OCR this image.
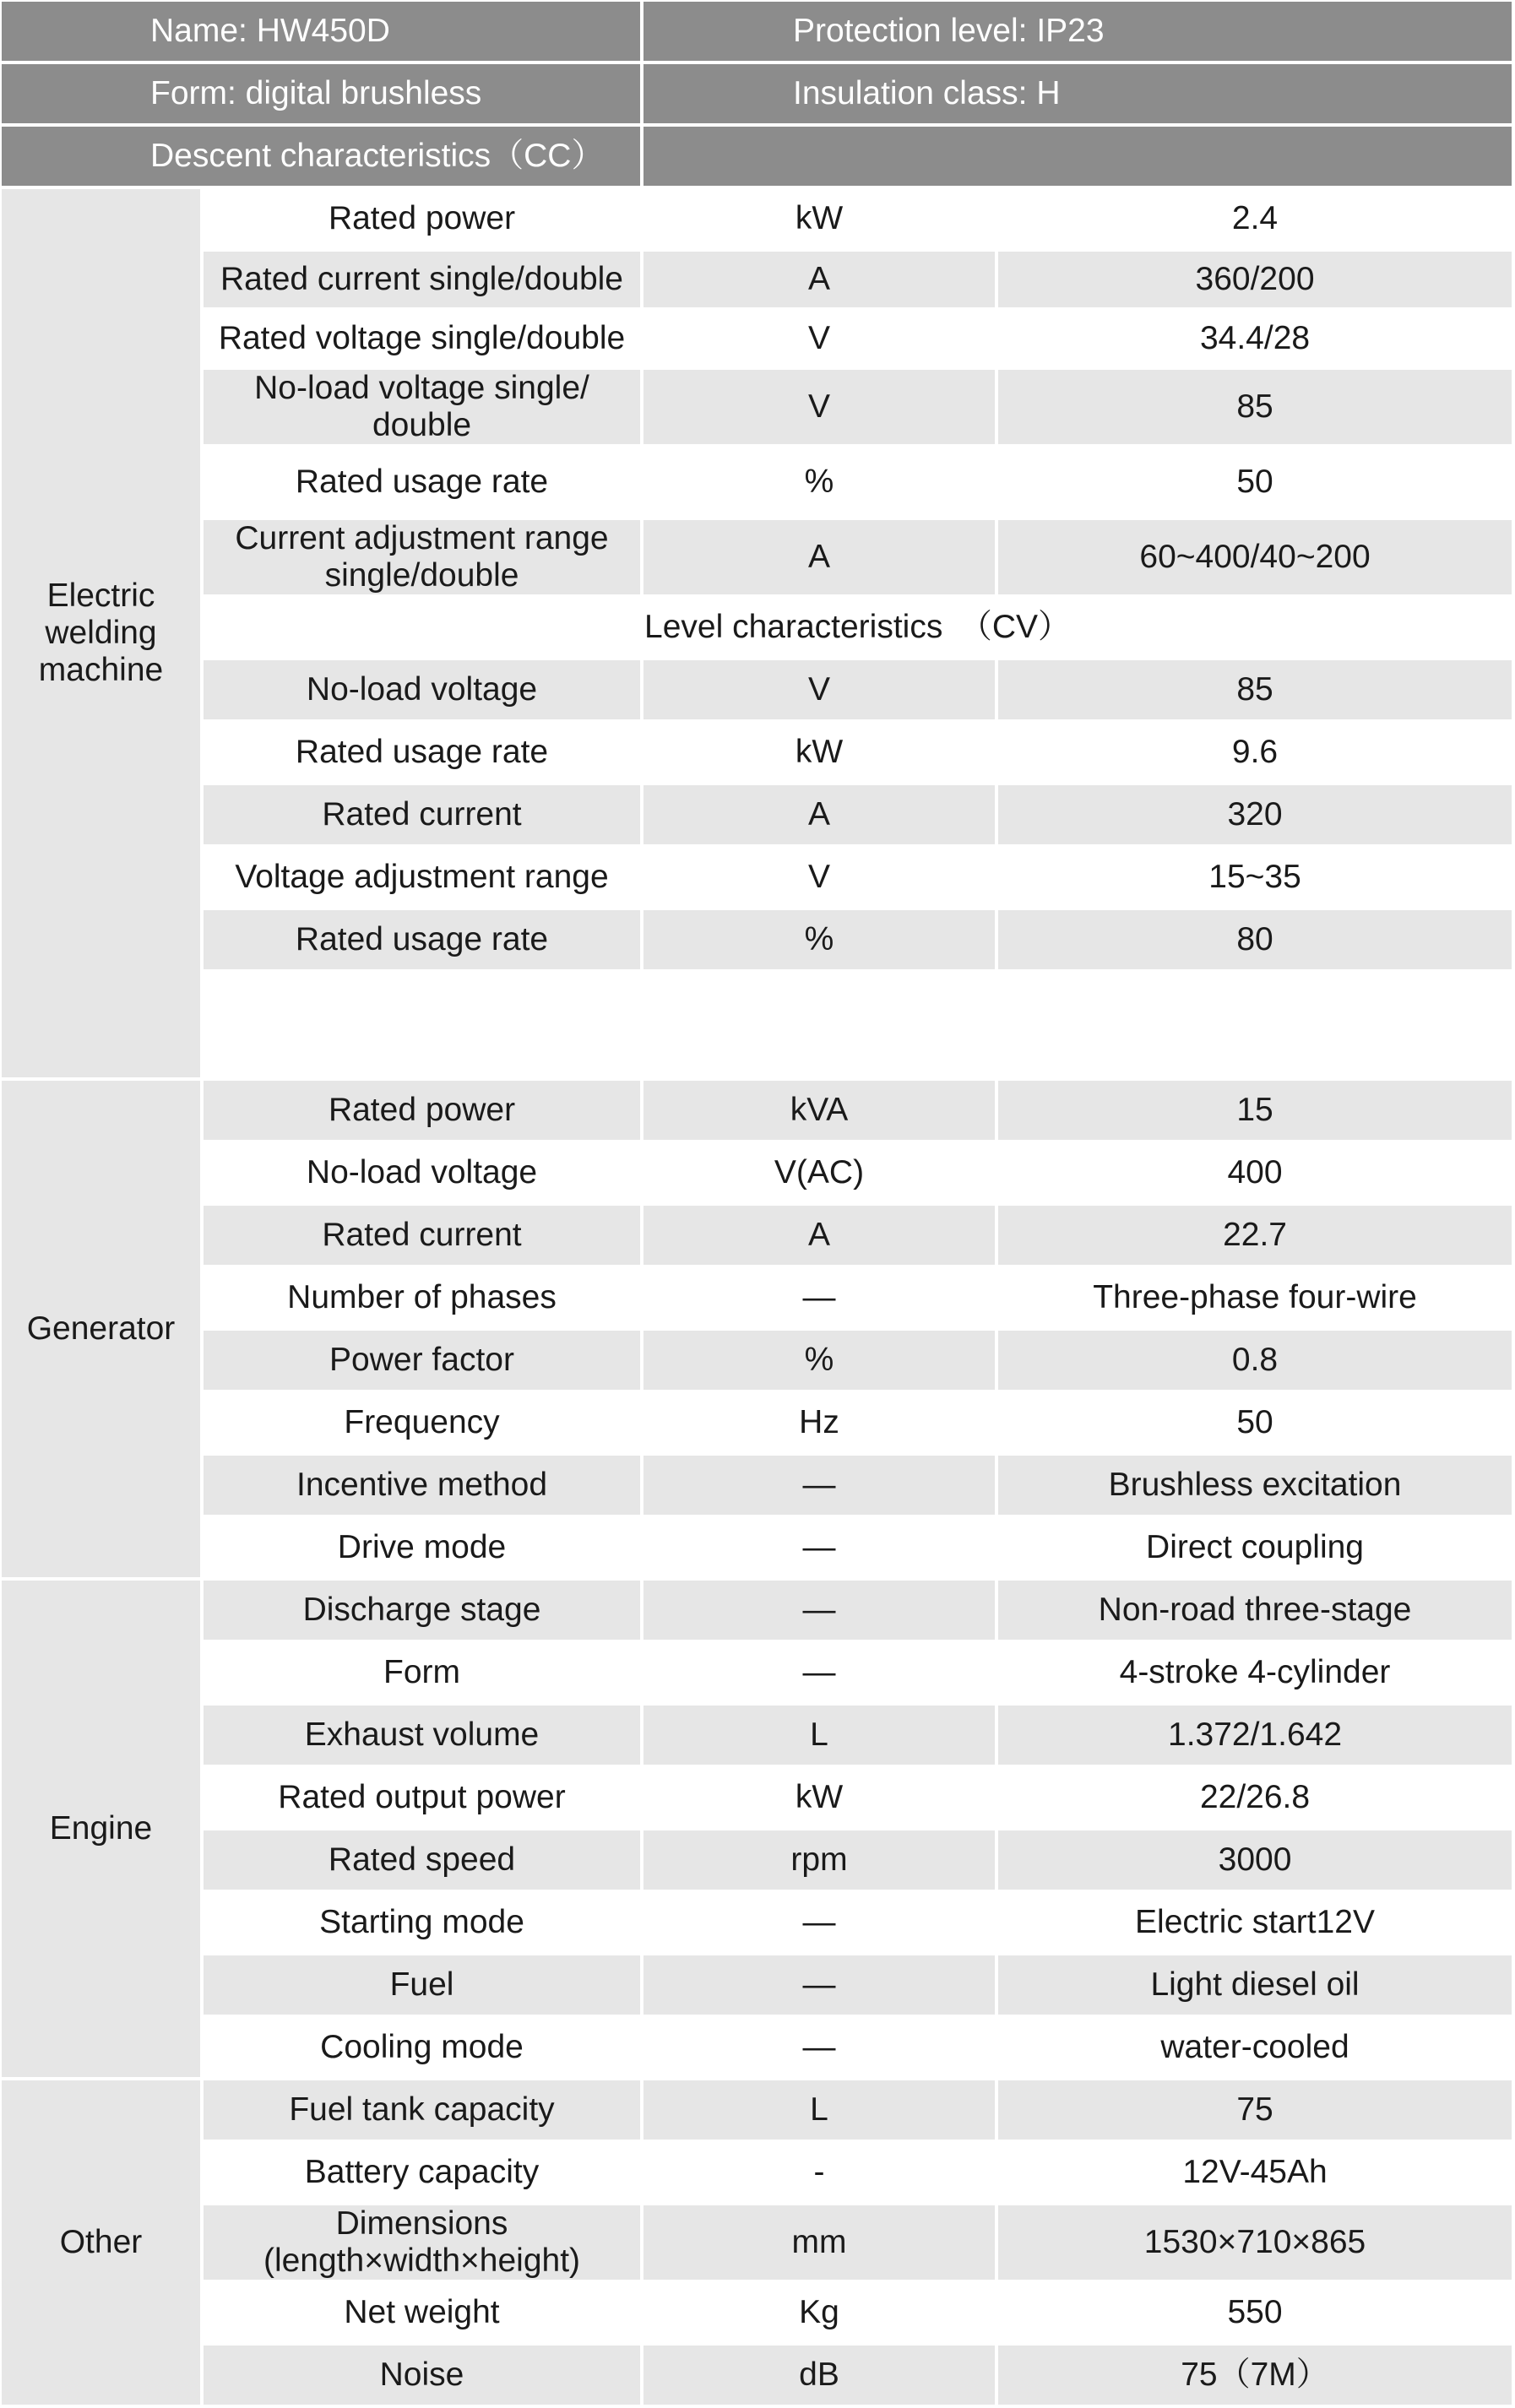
Name: HW450D		Protection level: IP23	
Form: digital brushless		Insulation class: H	
Descent characteristics（CC）			
Electric welding machine	Rated power	kW	2.4
	Rated current single/double	A	360/200
	Rated voltage single/double	V	34.4/28
	No-load voltage single/ double	V	85
	Rated usage rate	%	50
	Current adjustment range single/double	A	60~400/40~200
	Level characteristics　（CV）		
	No-load voltage	V	85
	Rated usage rate	kW	9.6
	Rated current	A	320
	Voltage adjustment range	V	15~35
	Rated usage rate	%	80

Generator	Rated power	kVA	15
	No-load voltage	V(AC)	400
	Rated current	A	22.7
	Number of phases	—	Three-phase four-wire
	Power factor	%	0.8
	Frequency	Hz	50
	Incentive method	—	Brushless excitation
	Drive mode	—	Direct coupling
Engine	Discharge stage	—	Non-road three-stage
	Form	—	4-stroke 4-cylinder
	Exhaust volume	L	1.372/1.642
	Rated output power	kW	22/26.8
	Rated speed	rpm	3000
	Starting mode	—	Electric start12V
	Fuel	—	Light diesel oil
	Cooling mode	—	water-cooled
Other	Fuel tank capacity	L	75
	Battery capacity	-	12V-45Ah
	Dimensions (length×width×height)	mm	1530×710×865
	Net weight	Kg	550
	Noise	dB	75（7M）
